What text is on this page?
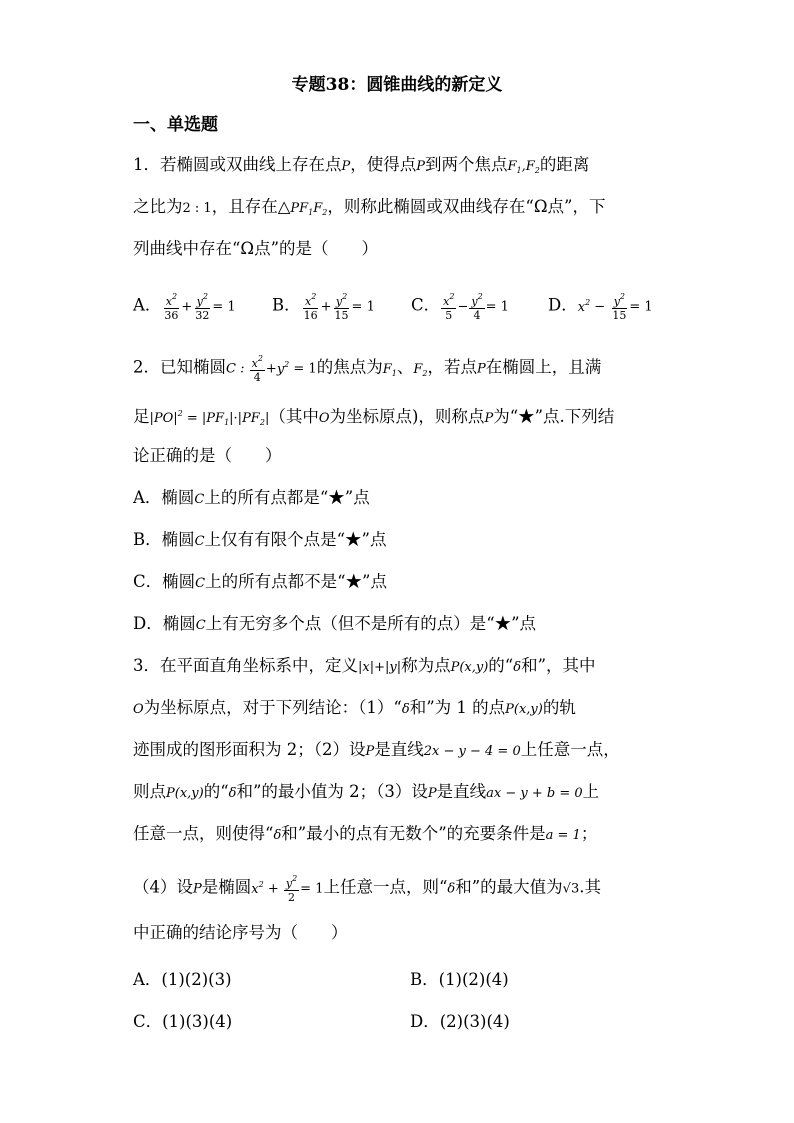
专题38：圆锥曲线的新定义
一、单选题
1．若椭圆或双曲线上存在点P，使得点P到两个焦点$F_1,F_2$的距离
之比为2 : 1，且存在$\triangle PF_1F_2$，则称此椭圆或双曲线存在“Ω点”，下
列曲线中存在“Ω点”的是（　　）
A． $\frac{x^2}{36} + \frac{y^2}{32} = 1$ B． $\frac{x^2}{16} + \frac{y^2}{15} = 1$ C． $\frac{x^2}{5} - \frac{y^2}{4} = 1$ D．$x^2 - \frac{y^2}{15} = 1$
2．已知椭圆C : $\frac{x^2}{4} +y^2 = 1$的焦点为$F_1$、$F_2$，若点P在椭圆上，且满
足$|PO|^2 = |PF_1|\cdot|PF_2|$（其中O为坐标原点)，则称点P为“★”点.下列结
论正确的是（　　）
A．椭圆C上的所有点都是“★”点
B．椭圆C上仅有有限个点是“★”点
C．椭圆C上的所有点都不是“★”点
D．椭圆C上有无穷多个点（但不是所有的点）是“★”点
3．在平面直角坐标系中，定义|x|+|y|称为点P(x,y)的“δ和”，其中
O为坐标原点，对于下列结论：（1）“δ和”为 1 的点P(x,y)的轨
迹围成的图形面积为 2；（2）设P是直线2x − y − 4 = 0上任意一点，
则点P(x,y)的“δ和”的最小值为 2；（3）设P是直线ax − y + b = 0上
任意一点，则使得“δ和”最小的点有无数个”的充要条件是a = 1；
（4）设P是椭圆$x^2 + \frac{y^2}{2} = 1$上任意一点，则“δ和”的最大值为√3.其
中正确的结论序号为（　　）
A．(1)(2)(3)	B．(1)(2)(4)
C．(1)(3)(4)	D．(2)(3)(4)
